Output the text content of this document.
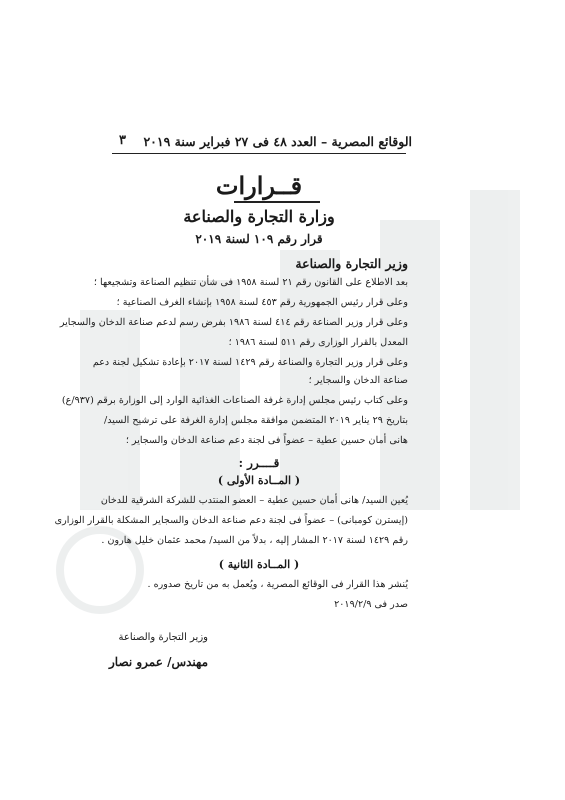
الوقائع المصرية – العدد ٤٨ فى ٢٧ فبراير سنة ٢٠١٩
٣
قــرارات
وزارة التجارة والصناعة
قرار رقم ١٠٩ لسنة ٢٠١٩
وزير التجارة والصناعة
بعد الاطلاع على القانون رقم ٢١ لسنة ١٩٥٨ فى شأن تنظيم الصناعة وتشجيعها ؛
وعلى قرار رئيس الجمهورية رقم ٤٥٣ لسنة ١٩٥٨ بإنشاء الغرف الصناعية ؛
وعلى قرار وزير الصناعة رقم ٤١٤ لسنة ١٩٨٦ بفرض رسم لدعم صناعة الدخان والسجاير
المعدل بالقرار الوزارى رقم ٥١١ لسنة ١٩٨٦ ؛
وعلى قرار وزير التجارة والصناعة رقم ١٤٢٩ لسنة ٢٠١٧ بإعادة تشكيل لجنة دعم
صناعة الدخان والسجاير ؛
وعلى كتاب رئيس مجلس إدارة غرفة الصناعات الغذائية الوارد إلى الوزارة برقم (٩٣٧/ع)
بتاريخ ٢٩ يناير ٢٠١٩ المتضمن موافقة مجلس إدارة الغرفة على ترشيح السيد/
هانى أمان حسين عطية – عضواً فى لجنة دعم صناعة الدخان والسجاير ؛
قــــرر :
( المــادة الأولى )
يُعين السيد/ هانى أمان حسين عطية – العضو المنتدب للشركة الشرقية للدخان
(إيسترن كومبانى) – عضواً فى لجنة دعم صناعة الدخان والسجاير المشكلة بالقرار الوزارى
رقم ١٤٢٩ لسنة ٢٠١٧ المشار إليه ، بدلاً من السيد/ محمد عثمان خليل هارون .
( المــادة الثانية )
يُنشر هذا القرار فى الوقائع المصرية ، ويُعمل به من تاريخ صدوره .
صدر فى ٢٠١٩/٢/٩
وزير التجارة والصناعة
مهندس/ عمرو نصار
